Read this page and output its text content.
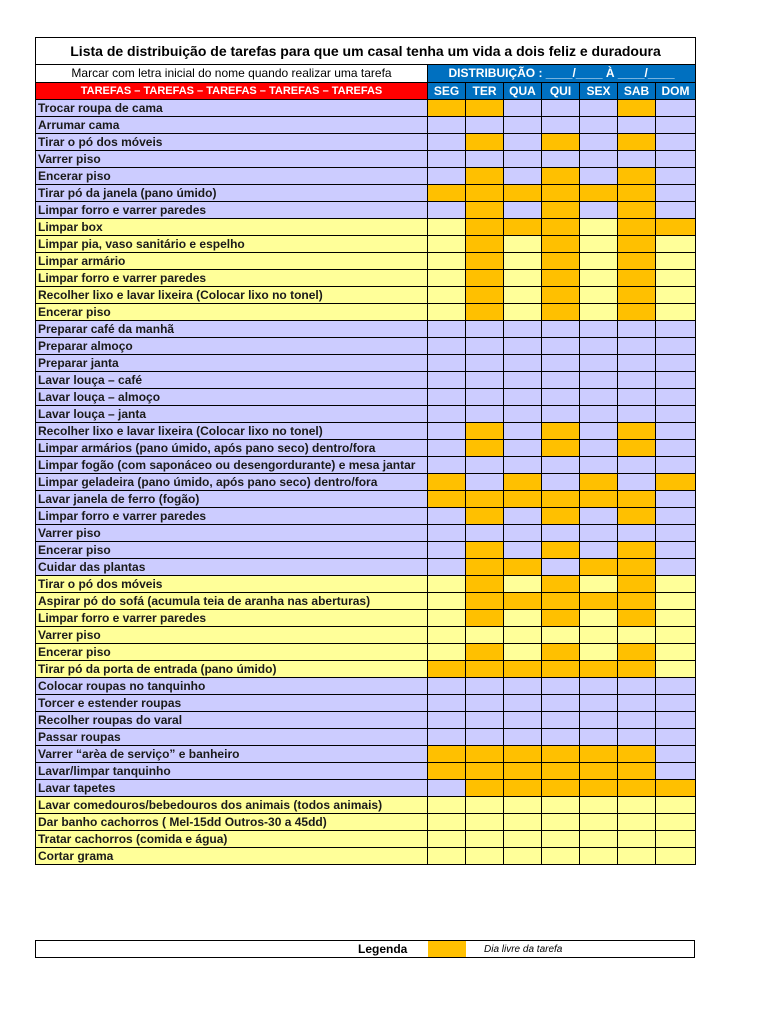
Lista de distribuição de tarefas para que um casal tenha um vida a dois feliz e duradoura							
Marcar com letra inicial do nome quando realizar uma tarefa	DISTRIBUIÇÃO : ____/____ À ____/____						
TAREFAS – TAREFAS – TAREFAS – TAREFAS – TAREFAS	SEG	TER	QUA	QUI	SEX	SAB	DOM
Trocar roupa de cama							
Arrumar cama							
Tirar o pó dos móveis							
Varrer piso							
Encerar piso							
Tirar pó da janela (pano úmido)							
Limpar forro e varrer paredes							
Limpar box							
Limpar pia, vaso sanitário e espelho							
Limpar armário							
Limpar forro e varrer paredes							
Recolher lixo e lavar lixeira (Colocar lixo no tonel)							
Encerar piso							
Preparar café da manhã							
Preparar almoço							
Preparar janta							
Lavar louça – café							
Lavar louça – almoço							
Lavar louça – janta							
Recolher lixo e lavar lixeira (Colocar lixo no tonel)							
Limpar armários (pano úmido, após pano seco) dentro/fora							
Limpar fogão (com saponáceo ou desengordurante) e mesa jantar							
Limpar geladeira (pano úmido, após pano seco) dentro/fora							
Lavar janela de ferro (fogão)							
Limpar forro e varrer paredes							
Varrer piso							
Encerar piso							
Cuidar das plantas							
Tirar o pó dos móveis							
Aspirar pó do sofá (acumula teia de aranha nas aberturas)							
Limpar forro e varrer paredes							
Varrer piso							
Encerar piso							
Tirar pó da porta de entrada (pano úmido)							
Colocar roupas no tanquinho							
Torcer e estender roupas							
Recolher roupas do varal							
Passar roupas							
Varrer “arèa de serviço” e banheiro							
Lavar/limpar tanquinho							
Lavar tapetes							
Lavar comedouros/bebedouros dos animais (todos animais)							
Dar banho cachorros ( Mel-15dd Outros-30 a 45dd)							
Tratar cachorros (comida e água)							
Cortar grama							
Legenda	Dia livre da tarefa
